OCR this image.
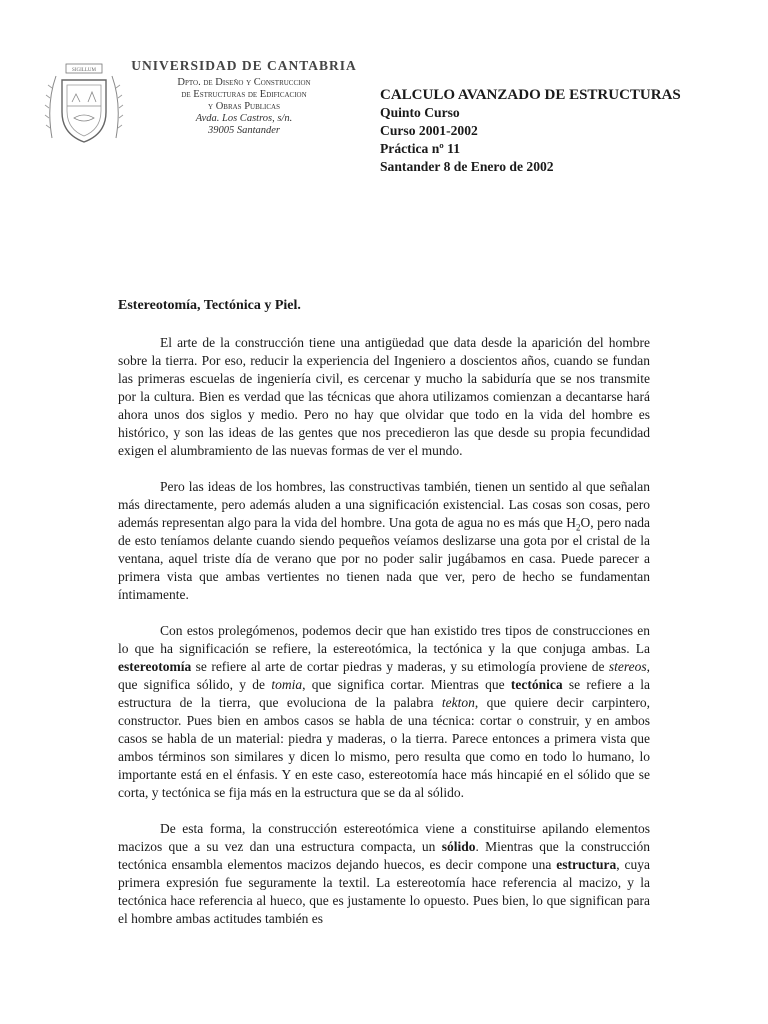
SIGILLUM	UNIVERSIDAD DE CANTABRIA
Dpto. de Diseño y Construccion
de Estructuras de Edificacion
y Obras Publicas
Avda. Los Castros, s/n.
39005 Santander
CALCULO AVANZADO DE ESTRUCTURAS
Quinto Curso
Curso 2001-2002
Práctica nº 11
Santander 8 de Enero de 2002
Estereotomía, Tectónica y Piel.

El arte de la construcción tiene una antigüedad que data desde la aparición del hombre sobre la tierra. Por eso, reducir la experiencia del Ingeniero a doscientos años, cuando se fundan las primeras escuelas de ingeniería civil, es cercenar y mucho la sabiduría que se nos transmite por la cultura. Bien es verdad que las técnicas que ahora utilizamos comienzan a decantarse hará ahora unos dos siglos y medio. Pero no hay que olvidar que todo en la vida del hombre es histórico, y son las ideas de las gentes que nos precedieron las que desde su propia fecundidad exigen el alumbramiento de las nuevas formas de ver el mundo.

Pero las ideas de los hombres, las constructivas también, tienen un sentido al que señalan más directamente, pero además aluden a una significación existencial. Las cosas son cosas, pero además representan algo para la vida del hombre. Una gota de agua no es más que $H_2O$, pero nada de esto teníamos delante cuando siendo pequeños veíamos deslizarse una gota por el cristal de la ventana, aquel triste día de verano que por no poder salir jugábamos en casa. Puede parecer a primera vista que ambas vertientes no tienen nada que ver, pero de hecho se fundamentan íntimamente.

Con estos prolegómenos, podemos decir que han existido tres tipos de construcciones en lo que ha significación se refiere, la estereotómica, la tectónica y la que conjuga ambas. La estereotomía se refiere al arte de cortar piedras y maderas, y su etimología proviene de stereos, que significa sólido, y de tomia, que significa cortar. Mientras que tectónica se refiere a la estructura de la tierra, que evoluciona de la palabra tekton, que quiere decir carpintero, constructor. Pues bien en ambos casos se habla de una técnica: cortar o construir, y en ambos casos se habla de un material: piedra y maderas, o la tierra. Parece entonces a primera vista que ambos términos son similares y dicen lo mismo, pero resulta que como en todo lo humano, lo importante está en el énfasis. Y en este caso, estereotomía hace más hincapié en el sólido que se corta, y tectónica se fija más en la estructura que se da al sólido.

De esta forma, la construcción estereotómica viene a constituirse apilando elementos macizos que a su vez dan una estructura compacta, un sólido. Mientras que la construcción tectónica ensambla elementos macizos dejando huecos, es decir compone una estructura, cuya primera expresión fue seguramente la textil. La estereotomía hace referencia al macizo, y la tectónica hace referencia al hueco, que es justamente lo opuesto. Pues bien, lo que significan para el hombre ambas actitudes también es
